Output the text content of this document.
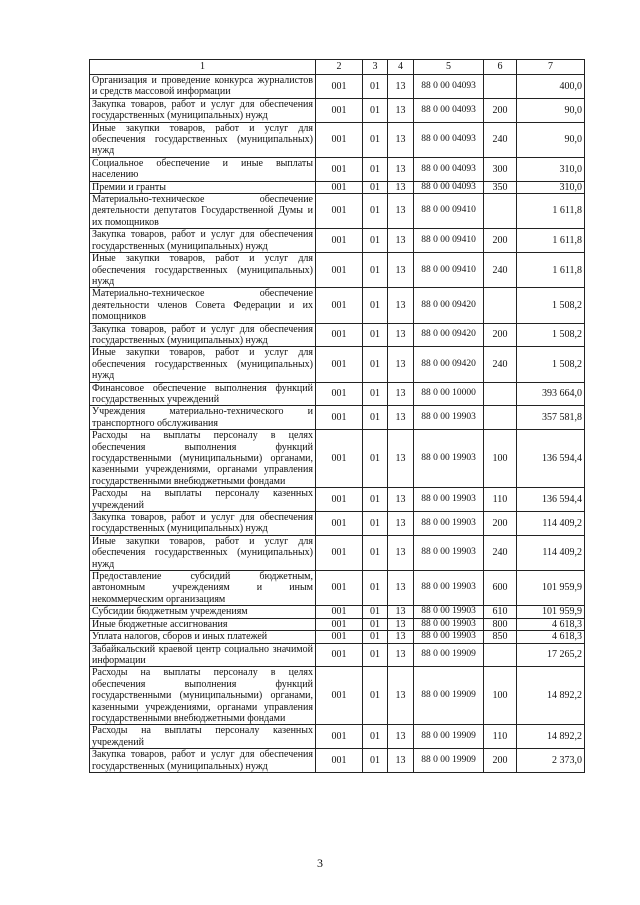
1	2	3	4	5	6	7
Организация и проведение конкурса журналистов и средств массовой информации	001	01	13	88 0 00 04093		400,0
Закупка товаров, работ и услуг для обеспечения государственных (муниципальных) нужд	001	01	13	88 0 00 04093	200	90,0
Иные закупки товаров, работ и услуг для обеспечения государственных (муниципальных) нужд	001	01	13	88 0 00 04093	240	90,0
Социальное обеспечение и иные выплаты населению	001	01	13	88 0 00 04093	300	310,0
Премии и гранты	001	01	13	88 0 00 04093	350	310,0
Материально-техническое обеспечение деятельности депутатов Государственной Думы и их помощников	001	01	13	88 0 00 09410		1 611,8
Закупка товаров, работ и услуг для обеспечения государственных (муниципальных) нужд	001	01	13	88 0 00 09410	200	1 611,8
Иные закупки товаров, работ и услуг для обеспечения государственных (муниципальных) нужд	001	01	13	88 0 00 09410	240	1 611,8
Материально-техническое обеспечение деятельности членов Совета Федерации и их помощников	001	01	13	88 0 00 09420		1 508,2
Закупка товаров, работ и услуг для обеспечения государственных (муниципальных) нужд	001	01	13	88 0 00 09420	200	1 508,2
Иные закупки товаров, работ и услуг для обеспечения государственных (муниципальных) нужд	001	01	13	88 0 00 09420	240	1 508,2
Финансовое обеспечение выполнения функций государственных учреждений	001	01	13	88 0 00 10000		393 664,0
Учреждения материально-технического и транспортного обслуживания	001	01	13	88 0 00 19903		357 581,8
Расходы на выплаты персоналу в целях обеспечения выполнения функций государственными (муниципальными) органами, казенными учреждениями, органами управления государственными внебюджетными фондами	001	01	13	88 0 00 19903	100	136 594,4
Расходы на выплаты персоналу казенных учреждений	001	01	13	88 0 00 19903	110	136 594,4
Закупка товаров, работ и услуг для обеспечения государственных (муниципальных) нужд	001	01	13	88 0 00 19903	200	114 409,2
Иные закупки товаров, работ и услуг для обеспечения государственных (муниципальных) нужд	001	01	13	88 0 00 19903	240	114 409,2
Предоставление субсидий бюджетным, автономным учреждениям и иным некоммерческим организациям	001	01	13	88 0 00 19903	600	101 959,9
Субсидии бюджетным учреждениям	001	01	13	88 0 00 19903	610	101 959,9
Иные бюджетные ассигнования	001	01	13	88 0 00 19903	800	4 618,3
Уплата налогов, сборов и иных платежей	001	01	13	88 0 00 19903	850	4 618,3
Забайкальский краевой центр социально значимой информации	001	01	13	88 0 00 19909		17 265,2
Расходы на выплаты персоналу в целях обеспечения выполнения функций государственными (муниципальными) органами, казенными учреждениями, органами управления государственными внебюджетными фондами	001	01	13	88 0 00 19909	100	14 892,2
Расходы на выплаты персоналу казенных учреждений	001	01	13	88 0 00 19909	110	14 892,2
Закупка товаров, работ и услуг для обеспечения государственных (муниципальных) нужд	001	01	13	88 0 00 19909	200	2 373,0
3
